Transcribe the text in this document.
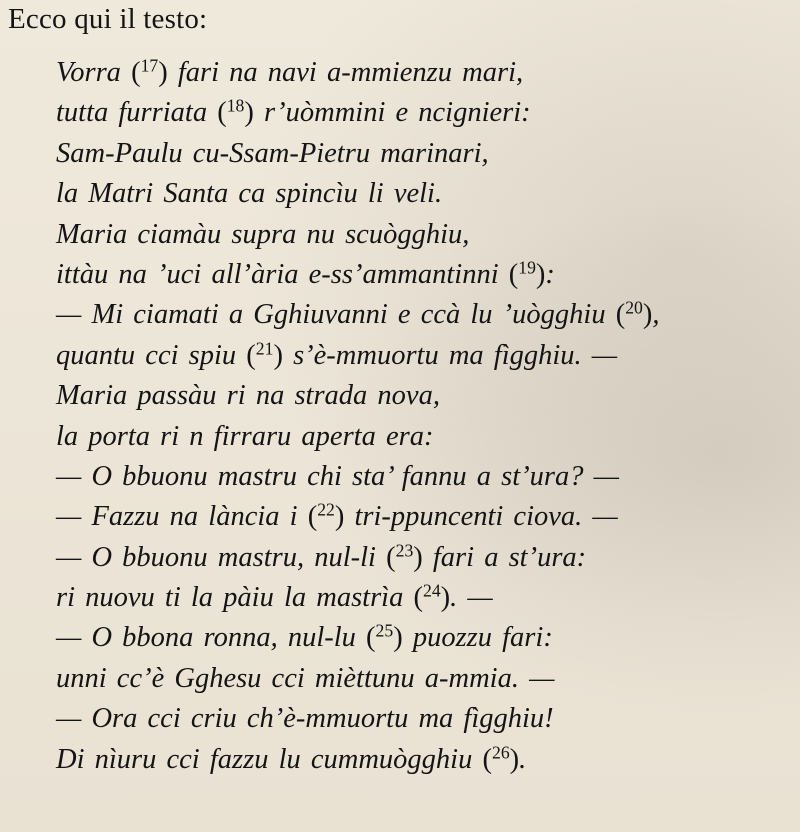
Ecco qui il testo:
Vorra ($^{17}$) fari na navi a-mmienzu mari,
tutta furriata ($^{18}$) r’uòmmini e ncignieri:
Sam-Paulu cu-Ssam-Pietru marinari,
la Matri Santa ca spincìu li veli.
Maria ciamàu supra nu scuògghiu,
ittàu na ’uci all’ària e-ss’ammantinni ($^{19}$):
— Mi ciamati a Gghiuvanni e ccà lu ’uògghiu ($^{20}$),
quantu cci spiu ($^{21}$) s’è-mmuortu ma fìgghiu. —
Maria passàu ri na strada nova,
la porta ri n firraru aperta era:
— O bbuonu mastru chi sta’ fannu a st’ura? —
— Fazzu na lància i ($^{22}$) tri-ppuncenti ciova. —
— O bbuonu mastru, nul-li ($^{23}$) fari a st’ura:
ri nuovu ti la pàiu la mastrìa ($^{24}$). —
— O bbona ronna, nul-lu ($^{25}$) puozzu fari:
unni cc’è Gghesu cci mièttunu a-mmia. —
— Ora cci criu ch’è-mmuortu ma fìgghiu!
Di nìuru cci fazzu lu cummuògghiu ($^{26}$).
